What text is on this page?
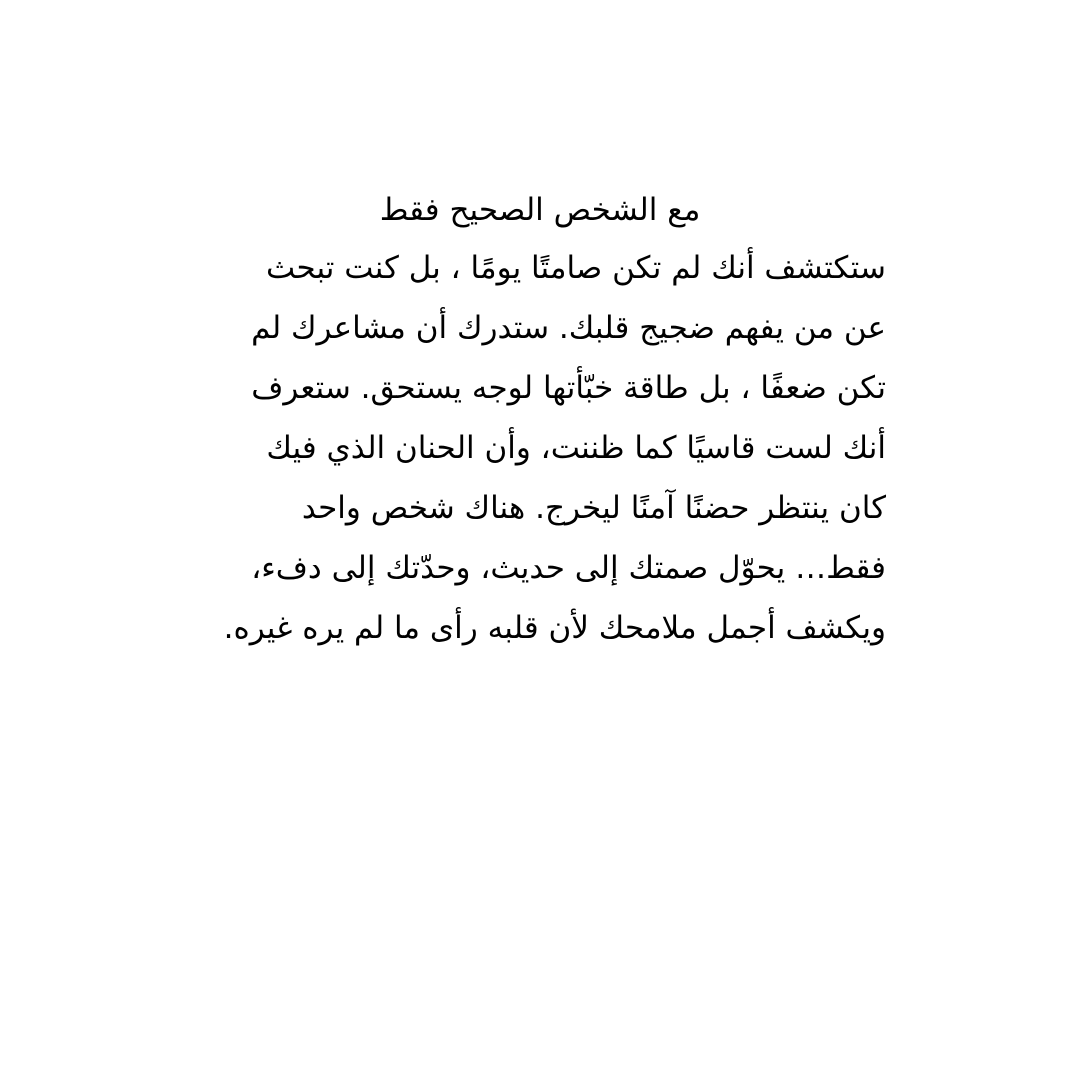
مع الشخص الصحيح فقط
ستكتشف أنك لم تكن صامتًا يومًا ، بل كنت تبحث
عن من يفهم ضجيج قلبك. ستدرك أن مشاعرك لم
تكن ضعفًا ، بل طاقة خبّأتها لوجه يستحق. ستعرف
أنك لست قاسيًا كما ظننت، وأن الحنان الذي فيك
كان ينتظر حضنًا آمنًا ليخرج. هناك شخص واحد
فقط… يحوّل صمتك إلى حديث، وحدّتك إلى دفء،
ويكشف أجمل ملامحك لأن قلبه رأى ما لم يره غيره.
